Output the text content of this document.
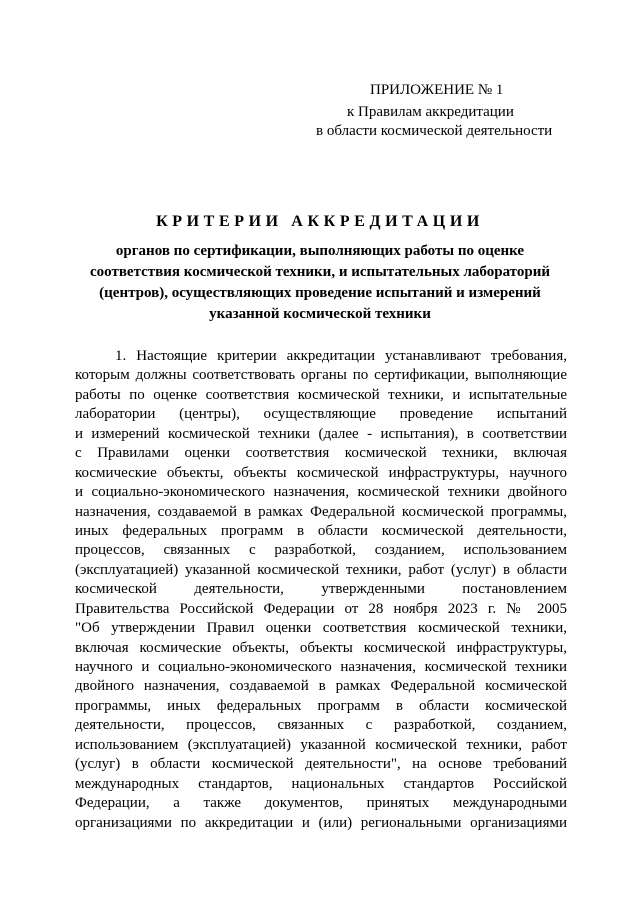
ПРИЛОЖЕНИЕ № 1
к Правилам аккредитации
в области космической деятельности
КРИТЕРИИ АККРЕДИТАЦИИ
органов по сертификации, выполняющих работы по оценке
соответствия космической техники, и испытательных лабораторий
(центров), осуществляющих проведение испытаний и измерений
указанной космической техники
1. Настоящие критерии аккредитации устанавливают требования,
которым должны соответствовать органы по сертификации, выполняющие
работы по оценке соответствия космической техники, и испытательные
лаборатории (центры), осуществляющие проведение испытаний
и измерений космической техники (далее - испытания), в соответствии
с Правилами оценки соответствия космической техники, включая
космические объекты, объекты космической инфраструктуры, научного
и социально-экономического назначения, космической техники двойного
назначения, создаваемой в рамках Федеральной космической программы,
иных федеральных программ в области космической деятельности,
процессов, связанных с разработкой, созданием, использованием
(эксплуатацией) указанной космической техники, работ (услуг) в области
космической деятельности, утвержденными постановлением
Правительства Российской Федерации от 28 ноября 2023 г. № 2005
"Об утверждении Правил оценки соответствия космической техники,
включая космические объекты, объекты космической инфраструктуры,
научного и социально-экономического назначения, космической техники
двойного назначения, создаваемой в рамках Федеральной космической
программы, иных федеральных программ в области космической
деятельности, процессов, связанных с разработкой, созданием,
использованием (эксплуатацией) указанной космической техники, работ
(услуг) в области космической деятельности", на основе требований
международных стандартов, национальных стандартов Российской
Федерации, а также документов, принятых международными
организациями по аккредитации и (или) региональными организациями
